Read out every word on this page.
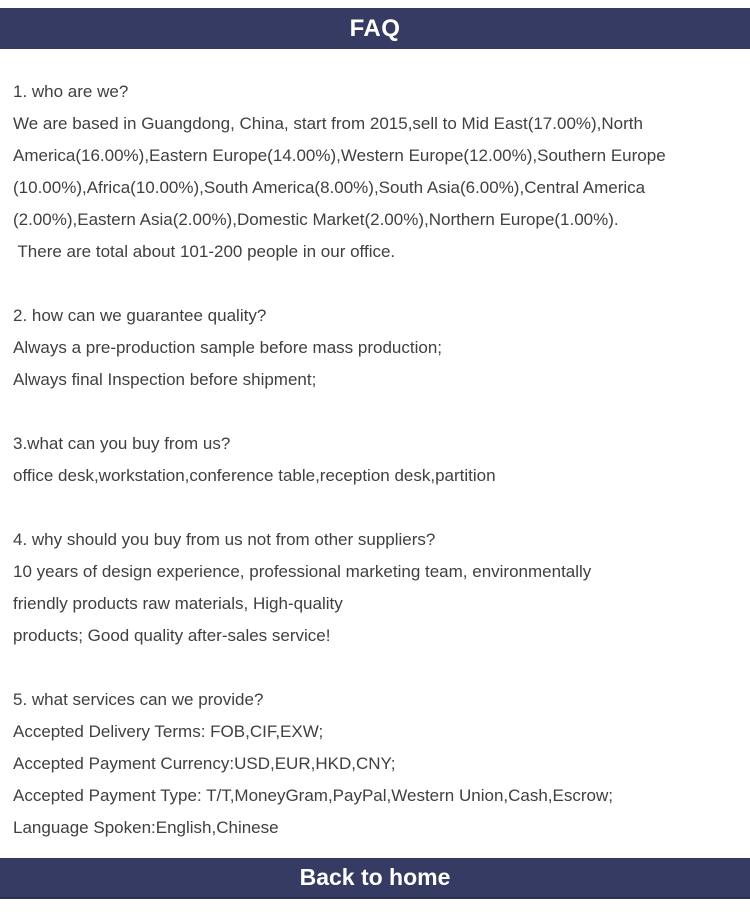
FAQ
1. who are we?
We are based in Guangdong, China, start from 2015,sell to Mid East(17.00%),North
America(16.00%),Eastern Europe(14.00%),Western Europe(12.00%),Southern Europe
(10.00%),Africa(10.00%),South America(8.00%),South Asia(6.00%),Central America
(2.00%),Eastern Asia(2.00%),Domestic Market(2.00%),Northern Europe(1.00%).
There are total about 101-200 people in our office.
2. how can we guarantee quality?
Always a pre-production sample before mass production;
Always final Inspection before shipment;
3.what can you buy from us?
office desk,workstation,conference table,reception desk,partition
4. why should you buy from us not from other suppliers?
10 years of design experience, professional marketing team, environmentally
friendly products raw materials, High-quality
products; Good quality after-sales service!
5. what services can we provide?
Accepted Delivery Terms: FOB,CIF,EXW;
Accepted Payment Currency:USD,EUR,HKD,CNY;
Accepted Payment Type: T/T,MoneyGram,PayPal,Western Union,Cash,Escrow;
Language Spoken:English,Chinese
Back to home
